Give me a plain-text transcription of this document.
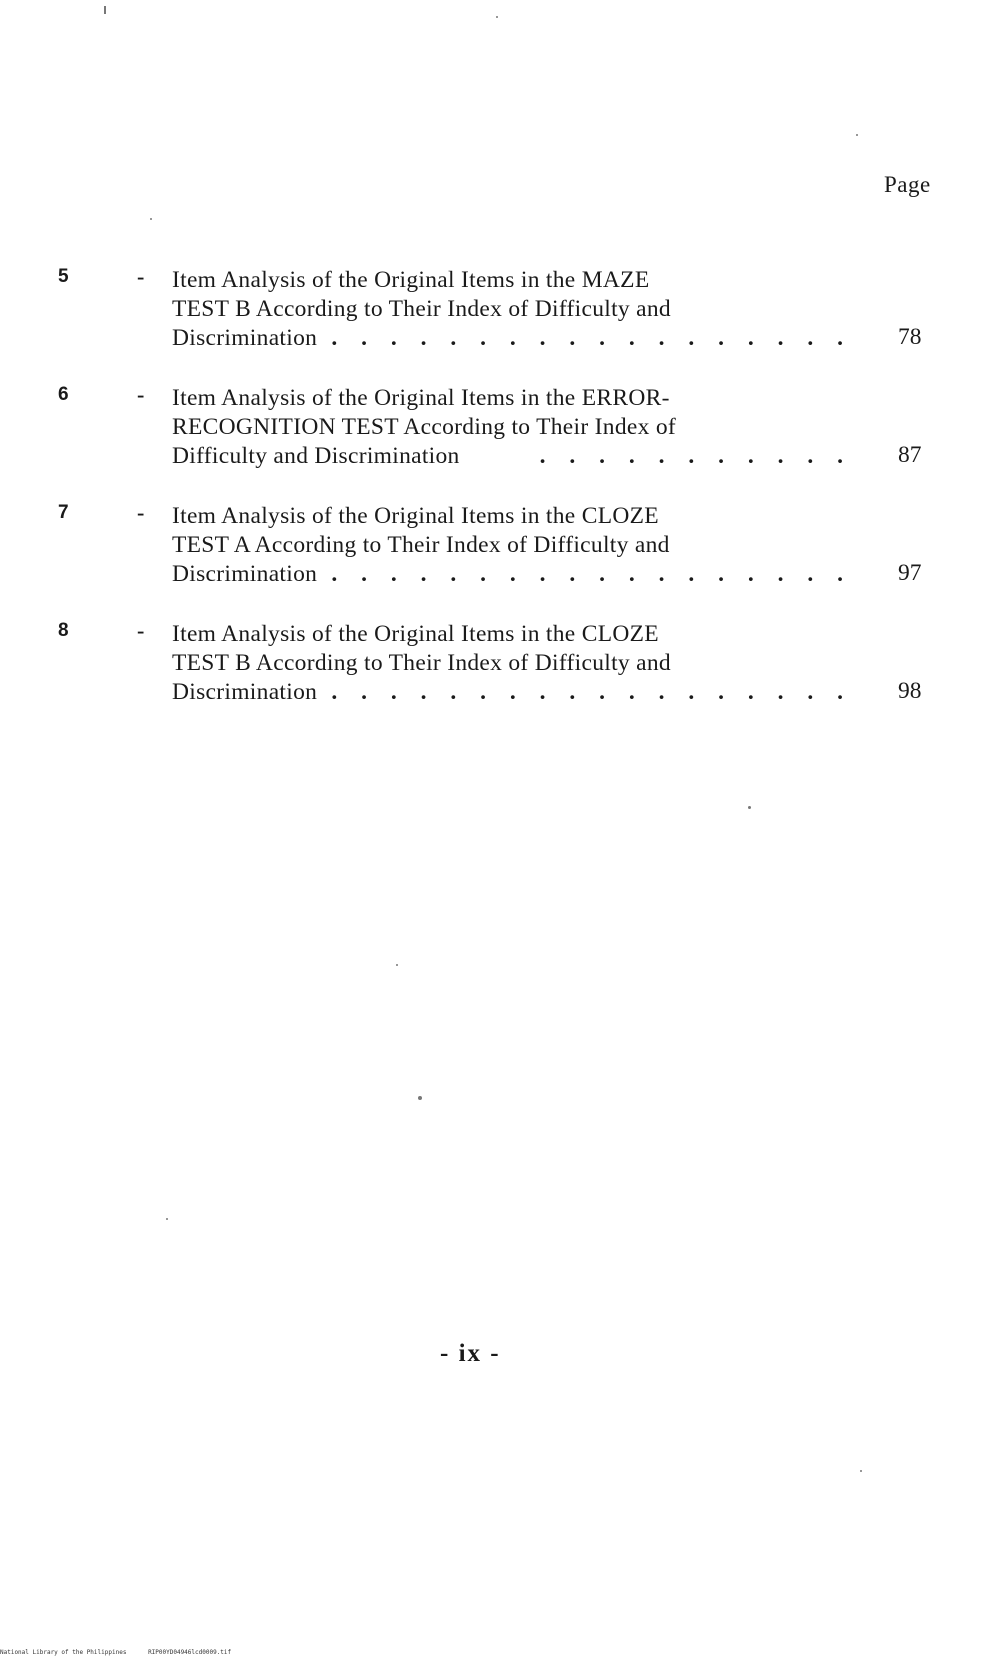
Page
5	- Item Analysis of the Original Items in the MAZE
TEST B According to Their Index of Difficulty and
Discrimination . . . . . . . . . . . . . . . . . . 78
6	- Item Analysis of the Original Items in the ERROR-
RECOGNITION TEST According to Their Index of
Difficulty and Discrimination	. . . . . . . . . . . 87
7	- Item Analysis of the Original Items in the CLOZE
TEST A According to Their Index of Difficulty and
Discrimination . . . . . . . . . . . . . . . . . . 97
8	- Item Analysis of the Original Items in the CLOZE
TEST B According to Their Index of Difficulty and
Discrimination . . . . . . . . . . . . . . . . . . 98
- ix -
National Library of the Philippines	RIP00YD04946lcd0009.tif
